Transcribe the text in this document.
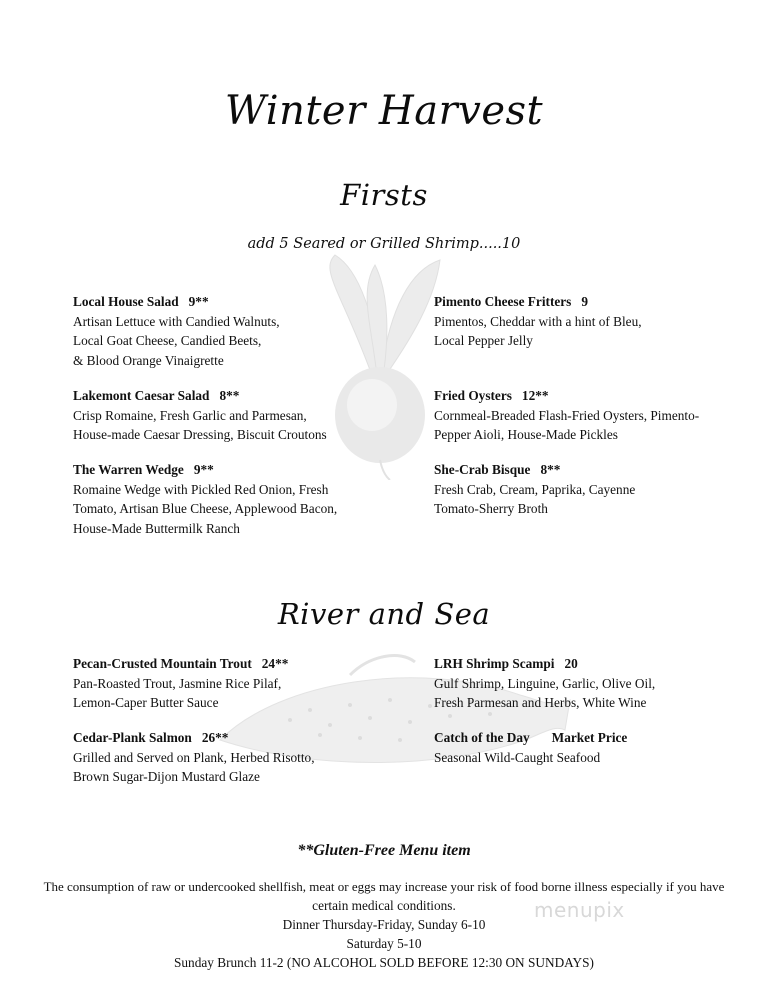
Winter Harvest
Firsts
add 5 Seared or Grilled Shrimp.....10
Local House Salad 9**
Artisan Lettuce with Candied Walnuts,
Local Goat Cheese, Candied Beets,
& Blood Orange Vinaigrette
Pimento Cheese Fritters 9
Pimentos, Cheddar with a hint of Bleu,
Local Pepper Jelly
Lakemont Caesar Salad 8**
Crisp Romaine, Fresh Garlic and Parmesan,
House-made Caesar Dressing, Biscuit Croutons
Fried Oysters 12**
Cornmeal-Breaded Flash-Fried Oysters, Pimento-
Pepper Aioli, House-Made Pickles
The Warren Wedge 9**
Romaine Wedge with Pickled Red Onion, Fresh
Tomato, Artisan Blue Cheese, Applewood Bacon,
House-Made Buttermilk Ranch
She-Crab Bisque 8**
Fresh Crab, Cream, Paprika, Cayenne
Tomato-Sherry Broth
River and Sea
Pecan-Crusted Mountain Trout 24**
Pan-Roasted Trout, Jasmine Rice Pilaf,
Lemon-Caper Butter Sauce
LRH Shrimp Scampi 20
Gulf Shrimp, Linguine, Garlic, Olive Oil,
Fresh Parmesan and Herbs, White Wine
Cedar-Plank Salmon 26**
Grilled and Served on Plank, Herbed Risotto,
Brown Sugar-Dijon Mustard Glaze
Catch of the Day Market Price
Seasonal Wild-Caught Seafood
**Gluten-Free Menu item
The consumption of raw or undercooked shellfish, meat or eggs may increase your risk of food borne illness especially if you have
certain medical conditions.
Dinner Thursday-Friday, Sunday 6-10
Saturday 5-10
Sunday Brunch 11-2 (NO ALCOHOL SOLD BEFORE 12:30 ON SUNDAYS)
menupix
